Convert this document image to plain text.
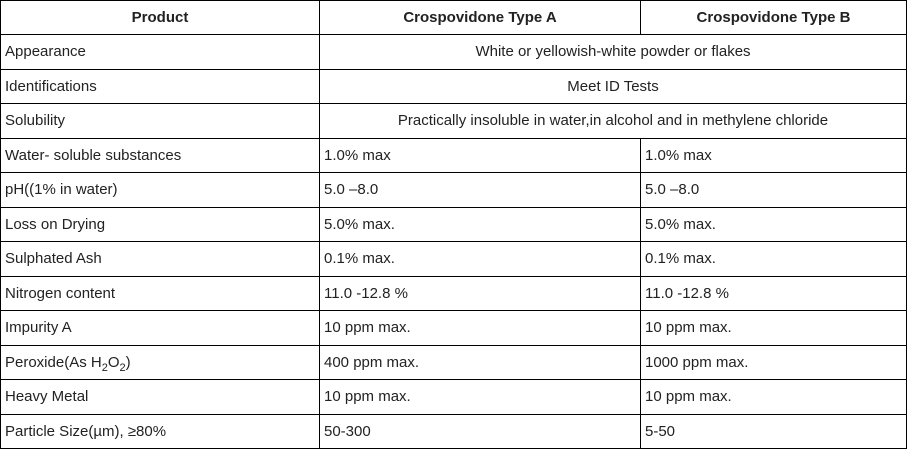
Product	Crospovidone Type A	Crospovidone Type B
Appearance	White or yellowish-white powder or flakes	
Identifications	Meet ID Tests	
Solubility	Practically insoluble in water,in alcohol and in methylene chloride	
Water- soluble substances	1.0% max	1.0% max
pH((1% in water)	5.0 –8.0	5.0 –8.0
Loss on Drying	5.0% max.	5.0% max.
Sulphated Ash	0.1% max.	0.1% max.
Nitrogen content	11.0 -12.8 %	11.0 -12.8 %
Impurity A	10 ppm max.	10 ppm max.
Peroxide(As $H_2O_2$)	400 ppm max.	1000 ppm max.
Heavy Metal	10 ppm max.	10 ppm max.
Particle Size(µm), ≥80%	50-300	5-50
